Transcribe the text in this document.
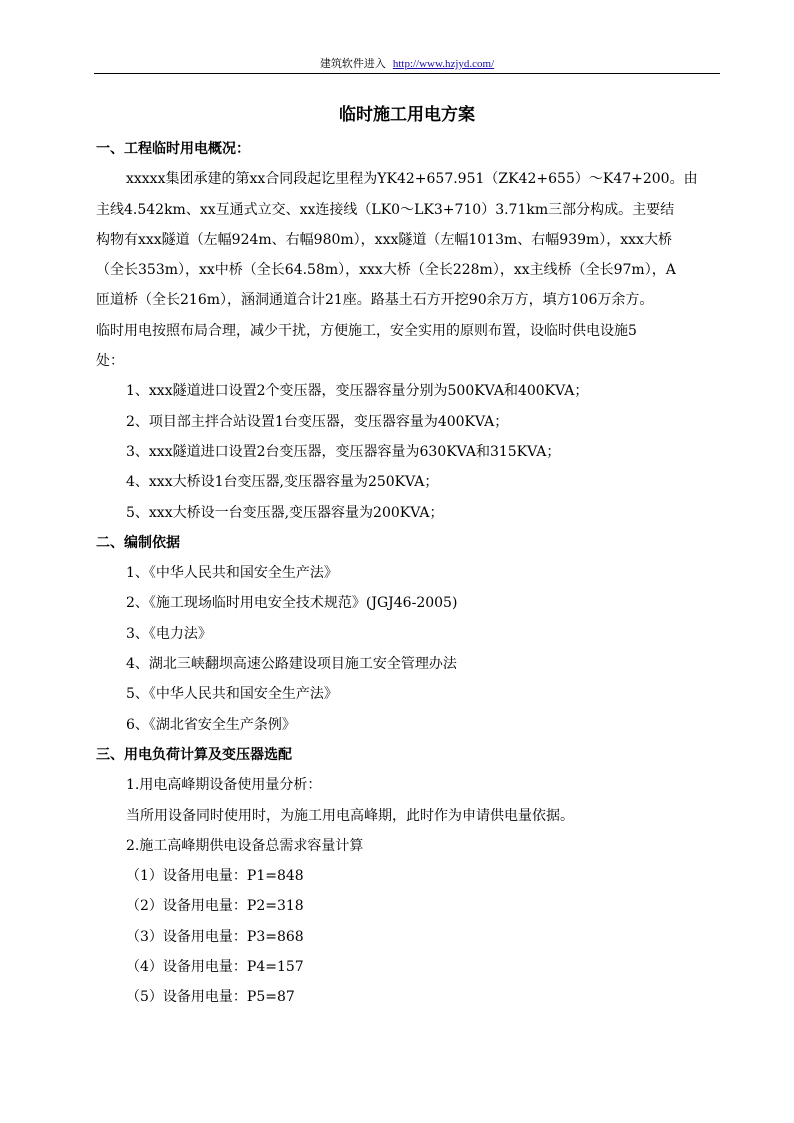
建筑软件进入 http://www.hzjyd.com/
临时施工用电方案

一、工程临时用电概况：

xxxxx集团承建的第xx合同段起讫里程为YK42+657.951（ZK42+655）～K47+200。由

主线4.542km、xx互通式立交、xx连接线（LK0～LK3+710）3.71km三部分构成。主要结

构物有xxx隧道（左幅924m、右幅980m），xxx隧道（左幅1013m、右幅939m），xxx大桥

（全长353m），xx中桥（全长64.58m），xxx大桥（全长228m），xx主线桥（全长97m），A

匝道桥（全长216m），涵洞通道合计21座。路基土石方开挖90余万方，填方106万余方。

临时用电按照布局合理，减少干扰，方便施工，安全实用的原则布置，设临时供电设施5

处：

1、xxx隧道进口设置2个变压器，变压器容量分别为500KVA和400KVA；

2、项目部主拌合站设置1台变压器，变压器容量为400KVA；

3、xxx隧道进口设置2台变压器，变压器容量为630KVA和315KVA；

4、xxx大桥设1台变压器,变压器容量为250KVA；

5、xxx大桥设一台变压器,变压器容量为200KVA；

二、编制依据

1、《中华人民共和国安全生产法》

2、《施工现场临时用电安全技术规范》(JGJ46-2005)

3、《电力法》

4、湖北三峡翻坝高速公路建设项目施工安全管理办法

5、《中华人民共和国安全生产法》

6、《湖北省安全生产条例》

三、用电负荷计算及变压器选配

1.用电高峰期设备使用量分析：

当所用设备同时使用时，为施工用电高峰期，此时作为申请供电量依据。

2.施工高峰期供电设备总需求容量计算

（1）设备用电量：P1=848

（2）设备用电量：P2=318

（3）设备用电量：P3=868

（4）设备用电量：P4=157

（5）设备用电量：P5=87
